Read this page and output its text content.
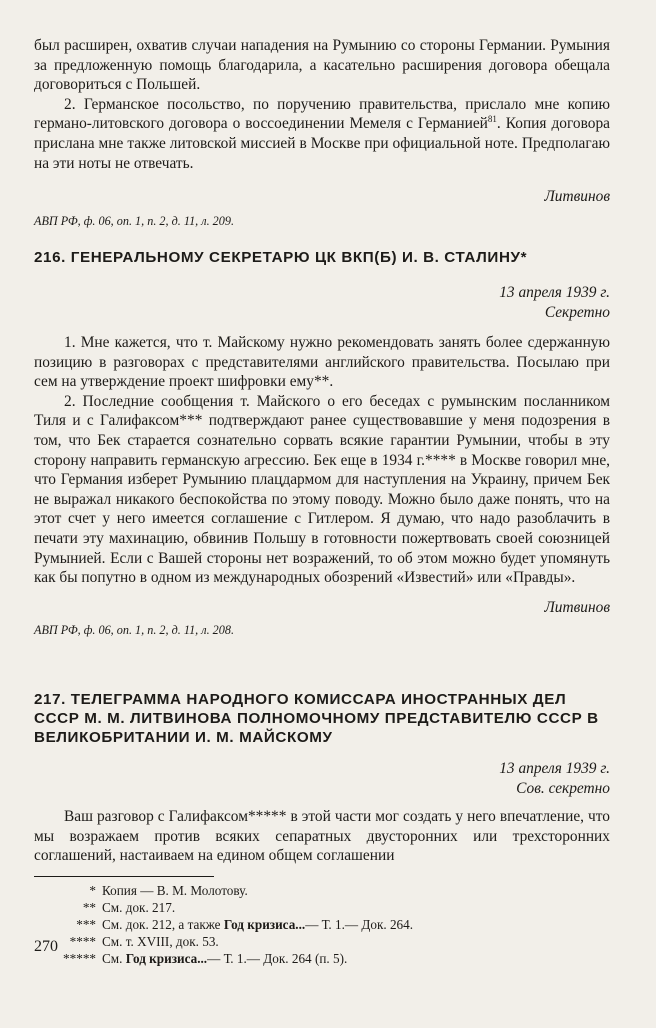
был расширен, охватив случаи нападения на Румынию со стороны Германии. Румыния за предложенную помощь благодарила, а касательно расширения договора обещала договориться с Польшей.

2. Германское посольство, по поручению правительства, прислало мне копию германо-литовского договора о воссоединении Мемеля с Германией$^{81}$. Копия договора прислана мне также литовской миссией в Москве при официальной ноте. Предполагаю на эти ноты не отвечать.

Литвинов

АВП РФ, ф. 06, оп. 1, п. 2, д. 11, л. 209.

216. ГЕНЕРАЛЬНОМУ СЕКРЕТАРЮ ЦК ВКП(Б) И. В. СТАЛИНУ*

13 апреля 1939 г.

Секретно

1. Мне кажется, что т. Майскому нужно рекомендовать занять более сдержанную позицию в разговорах с представителями английского правительства. Посылаю при сем на утверждение проект шифровки ему**.

2. Последние сообщения т. Майского о его беседах с румынским посланником Тиля и с Галифаксом*** подтверждают ранее существовавшие у меня подозрения в том, что Бек старается сознательно сорвать всякие гарантии Румынии, чтобы в эту сторону направить германскую агрессию. Бек еще в 1934 г.**** в Москве говорил мне, что Германия изберет Румынию плацдармом для наступления на Украину, причем Бек не выражал никакого беспокойства по этому поводу. Можно было даже понять, что на этот счет у него имеется соглашение с Гитлером. Я думаю, что надо разоблачить в печати эту махинацию, обвинив Польшу в готовности пожертвовать своей союзницей Румынией. Если с Вашей стороны нет возражений, то об этом можно будет упомянуть как бы попутно в одном из международных обозрений «Известий» или «Правды».

Литвинов

АВП РФ, ф. 06, оп. 1, п. 2, д. 11, л. 208.

217. ТЕЛЕГРАММА НАРОДНОГО КОМИССАРА ИНОСТРАННЫХ ДЕЛ СССР М. М. ЛИТВИНОВА ПОЛНОМОЧНОМУ ПРЕДСТАВИТЕЛЮ СССР В ВЕЛИКОБРИТАНИИ И. М. МАЙСКОМУ

13 апреля 1939 г.

Сов. секретно

Ваш разговор с Галифаксом***** в этой части мог создать у него впечатление, что мы возражаем против всяких сепаратных двусторонних или трехсторонних соглашений, настаиваем на едином общем соглашении

* Копия — В. М. Молотову.

** См. док. 217.

*** См. док. 212, а также Год кризиса...— Т. 1.— Док. 264.

**** См. т. XVIII, док. 53.

***** См. Год кризиса...— Т. 1.— Док. 264 (п. 5).

270
